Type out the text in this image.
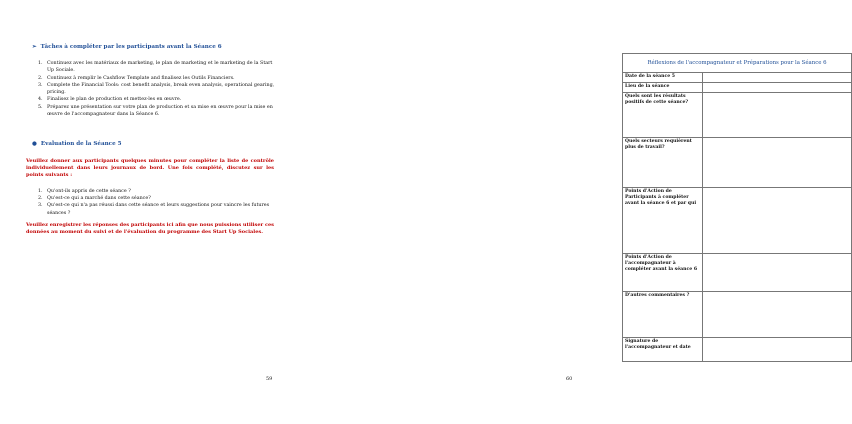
➢ Tâches à compléter par les participants avant la Séance 6
1. Continuez avec les matériaux de marketing, le plan de marketing et le marketing de la Start Up Sociale.
2. Continuez à remplir le Cashflow Template and finalisez les Outils Financiers.
3. Complete the Financial Tools: cost benefit analysis, break even analysis, operational gearing, pricing.
4. Finalisez le plan de production et mettez-les en œuvre.
5. Préparez une présentation sur votre plan de production et sa mise en œuvre pour la mise en œuvre de l'accompagnateur dans la Séance 6.
● Evaluation de la Séance 5
Veuillez donner aux participants quelques minutes pour compléter la liste de contrôle individuellement dans leurs journaux de bord. Une fois complété, discutez sur les points suivants :
1. Qu'ont-ils appris de cette séance ?
2. Qu'est-ce qui a marché dans cette séance?
3. Qu'est-ce qui n'a pas réussi dans cette séance et leurs suggestions pour vaincre les futures séances ?
Veuillez enregistrer les réponses des participants ici afin que nous puissions utiliser ces données au moment du suivi et de l'évaluation du programme des Start Up Sociales.
59
Réflexions de l'accompagnateur et Préparations pour la Séance 6	
Date de la séance 5	
Lieu de la séance	
Quels sont les résultats positifs de cette séance?	
Quels secteurs requièrent plus de travail?	
Points d'Action de Participants à compléter avant la séance 6 et par qui	
Points d'Action de l'accompagnateur à compléter avant la séance 6	
D'autres commentaires ?	
Signature de l'accompagnateur et date	
60
